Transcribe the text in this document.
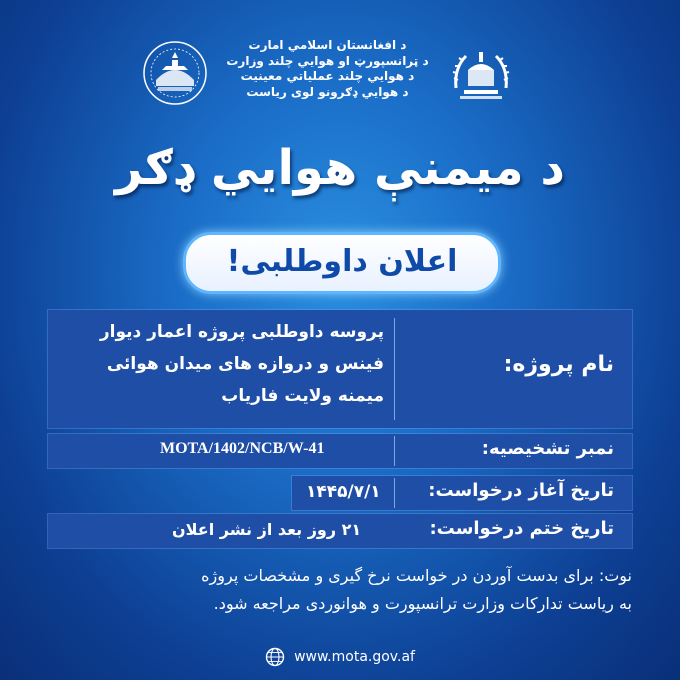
د افغانستان اسلامي امارت
د ټرانسپورټ او هوايي چلند وزارت
د هوايي چلند عملياتي معينيت
د هوايي ډګرونو لوی رياست
د میمنې هوايي ډګر
اعلان داوطلبی!
نام پروژه:
پروسه داوطلبی پروژه اعمار دیوار
فینس و دروازه های میدان هوائی
میمنه ولایت فاریاب
نمبر تشخیصیه:
MOTA/1402/NCB/W-41
تاریخ آغاز درخواست:
۱۴۴۵/۷/۱
تاریخ ختم درخواست:
۲۱ روز بعد از نشر اعلان
نوت: برای بدست آوردن در خواست نرخ گیری و مشخصات پروژه
به ریاست تدارکات وزارت ترانسپورت و هوانوردی مراجعه شود.
www.mota.gov.af
